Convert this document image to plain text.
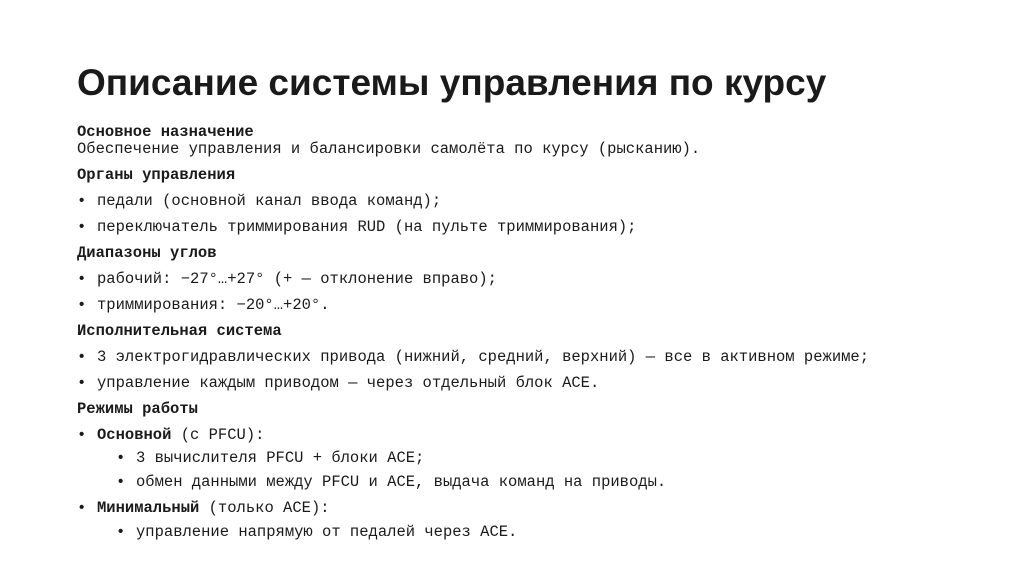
Описание системы управления по курсу
Основное назначение
Обеспечение управления и балансировки самолёта по курсу (рысканию).
Органы управления
• педали (основной канал ввода команд);
• переключатель триммирования RUD (на пульте триммирования);
Диапазоны углов
• рабочий: −27°…+27° (+ — отклонение вправо);
• триммирования: −20°…+20°.
Исполнительная система
• 3 электрогидравлических привода (нижний, средний, верхний) — все в активном режиме;
• управление каждым приводом — через отдельный блок ACE.
Режимы работы
• Основной (с PFCU):
• 3 вычислителя PFCU + блоки ACE;
• обмен данными между PFCU и ACE, выдача команд на приводы.
• Минимальный (только ACE):
• управление напрямую от педалей через ACE.
